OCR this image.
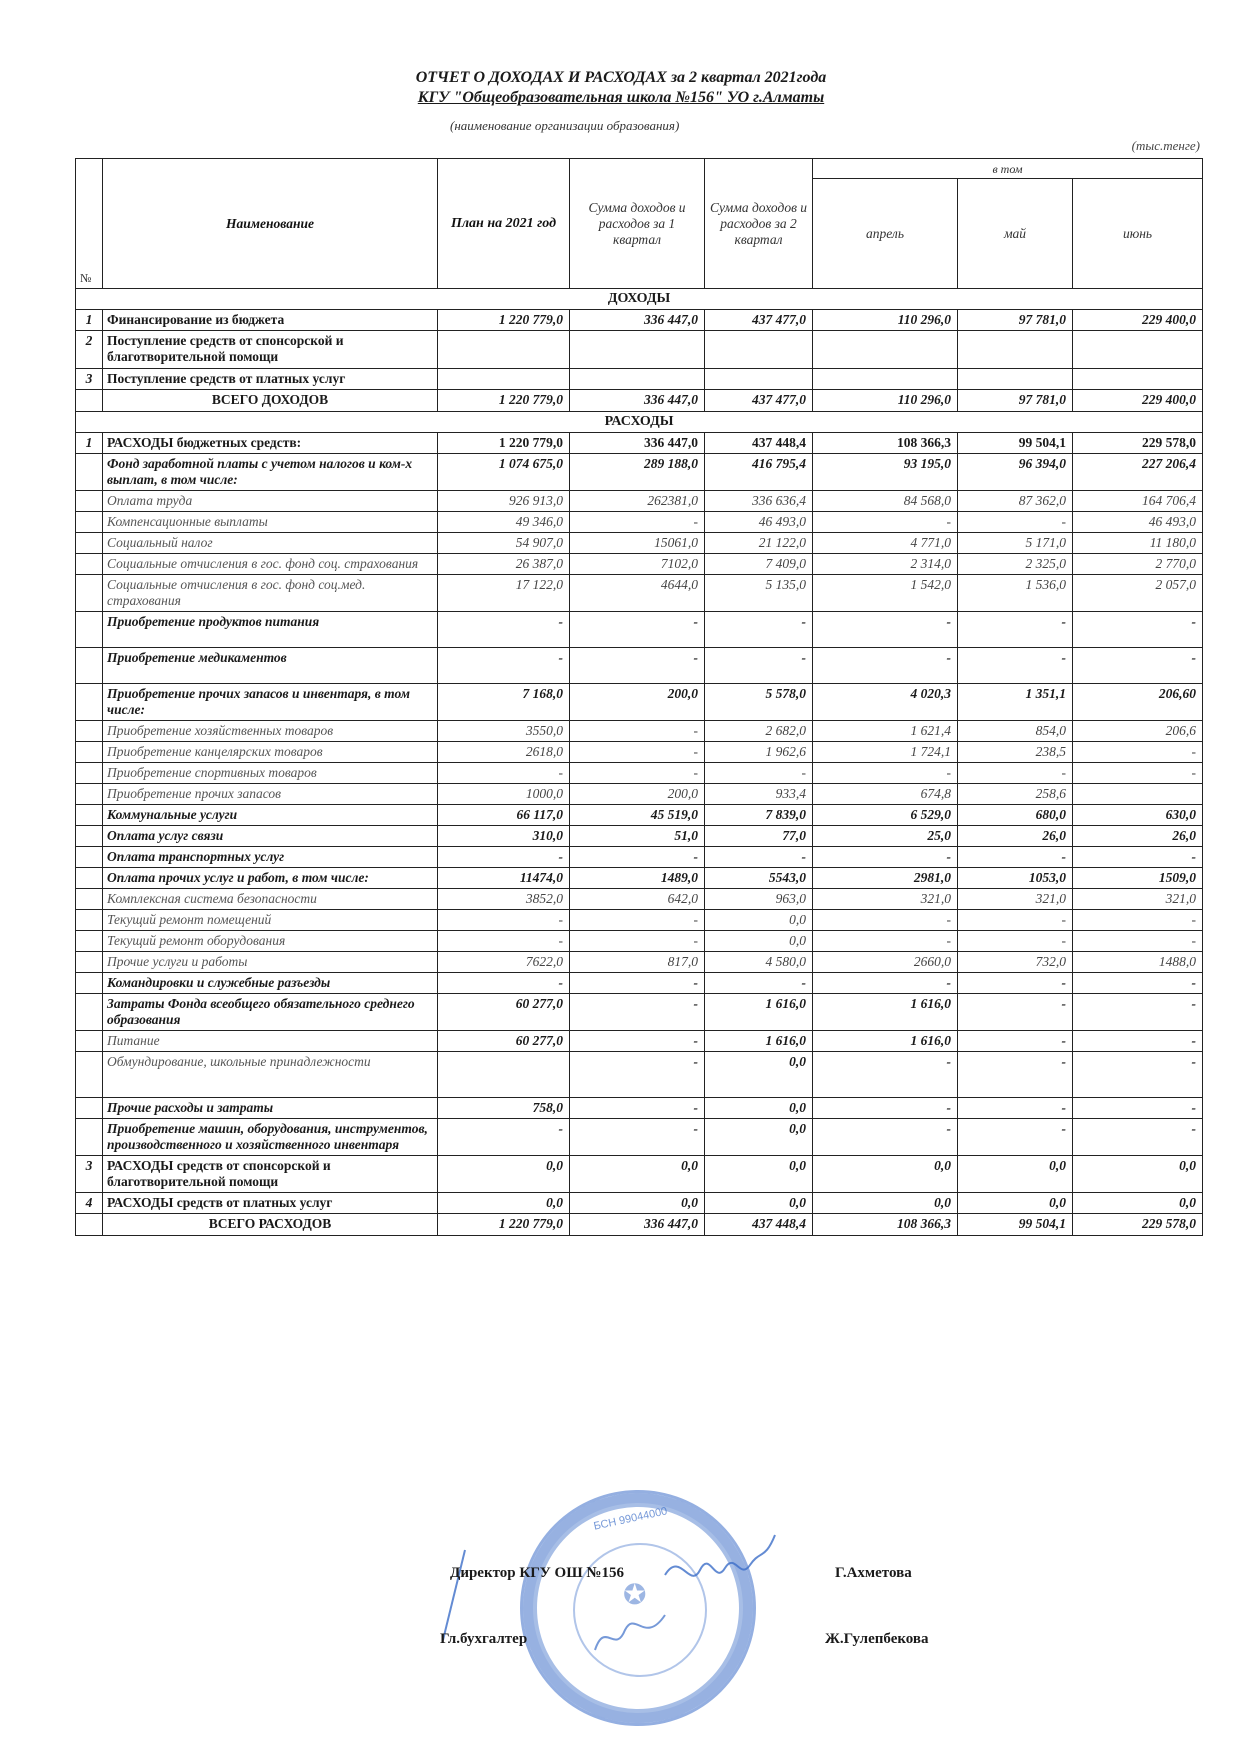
ОТЧЕТ О ДОХОДАХ И РАСХОДАХ за 2 квартал 2021года
КГУ "Общеобразовательная школа №156" УО г.Алматы
(наименование организации образования)
(тыс.тенге)
№	Наименование	План на 2021 год	Сумма доходов и расходов за 1 квартал	Сумма доходов и расходов за 2 квартал	в том		
					апрель	май	июнь
ДОХОДЫ							
1	Финансирование из бюджета	1 220 779,0	336 447,0	437 477,0	110 296,0	97 781,0	229 400,0
2	Поступление средств от спонсорской и благотворительной помощи						
3	Поступление средств от платных услуг						
	ВСЕГО ДОХОДОВ	1 220 779,0	336 447,0	437 477,0	110 296,0	97 781,0	229 400,0
РАСХОДЫ							
1	РАСХОДЫ бюджетных средств:	1 220 779,0	336 447,0	437 448,4	108 366,3	99 504,1	229 578,0
	Фонд заработной платы с учетом налогов и ком-х выплат, в том числе:	1 074 675,0	289 188,0	416 795,4	93 195,0	96 394,0	227 206,4
	Оплата труда	926 913,0	262381,0	336 636,4	84 568,0	87 362,0	164 706,4
	Компенсационные выплаты	49 346,0	-	46 493,0	-	-	46 493,0
	Социальный налог	54 907,0	15061,0	21 122,0	4 771,0	5 171,0	11 180,0
	Социальные отчисления в гос. фонд соц. страхования	26 387,0	7102,0	7 409,0	2 314,0	2 325,0	2 770,0
	Социальные отчисления в гос. фонд соц.мед. страхования	17 122,0	4644,0	5 135,0	1 542,0	1 536,0	2 057,0
	Приобретение продуктов питания	-	-	-	-	-	-
	Приобретение медикаментов	-	-	-	-	-	-
	Приобретение прочих запасов и инвентаря, в том числе:	7 168,0	200,0	5 578,0	4 020,3	1 351,1	206,60
	Приобретение хозяйственных товаров	3550,0	-	2 682,0	1 621,4	854,0	206,6
	Приобретение канцелярских товаров	2618,0	-	1 962,6	1 724,1	238,5	-
	Приобретение спортивных товаров	-	-	-	-	-	-
	Приобретение прочих запасов	1000,0	200,0	933,4	674,8	258,6	
	Коммунальные услуги	66 117,0	45 519,0	7 839,0	6 529,0	680,0	630,0
	Оплата услуг связи	310,0	51,0	77,0	25,0	26,0	26,0
	Оплата транспортных услуг	-	-	-	-	-	-
	Оплата прочих услуг и работ, в том числе:	11474,0	1489,0	5543,0	2981,0	1053,0	1509,0
	Комплексная система безопасности	3852,0	642,0	963,0	321,0	321,0	321,0
	Текущий ремонт помещений	-	-	0,0	-	-	-
	Текущий ремонт оборудования	-	-	0,0	-	-	-
	Прочие услуги и работы	7622,0	817,0	4 580,0	2660,0	732,0	1488,0
	Командировки и служебные разъезды	-	-	-	-	-	-
	Затраты Фонда всеобщего обязательного среднего образования	60 277,0	-	1 616,0	1 616,0	-	-
	Питание	60 277,0	-	1 616,0	1 616,0	-	-
	Обмундирование, школьные принадлежности		-	0,0	-	-	-
	Прочие расходы и затраты	758,0	-	0,0	-	-	-
	Приобретение машин, оборудования, инструментов, производственного и хозяйственного инвентаря	-	-	0,0	-	-	-
3	РАСХОДЫ средств от спонсорской и благотворительной помощи	0,0	0,0	0,0	0,0	0,0	0,0
4	РАСХОДЫ средств от платных услуг	0,0	0,0	0,0	0,0	0,0	0,0
	ВСЕГО РАСХОДОВ	1 220 779,0	336 447,0	437 448,4	108 366,3	99 504,1	229 578,0
БСН 99044000
✪
Директор КГУ ОШ №156	Г.Ахметова
Гл.бухгалтер	Ж.Гулепбекова
